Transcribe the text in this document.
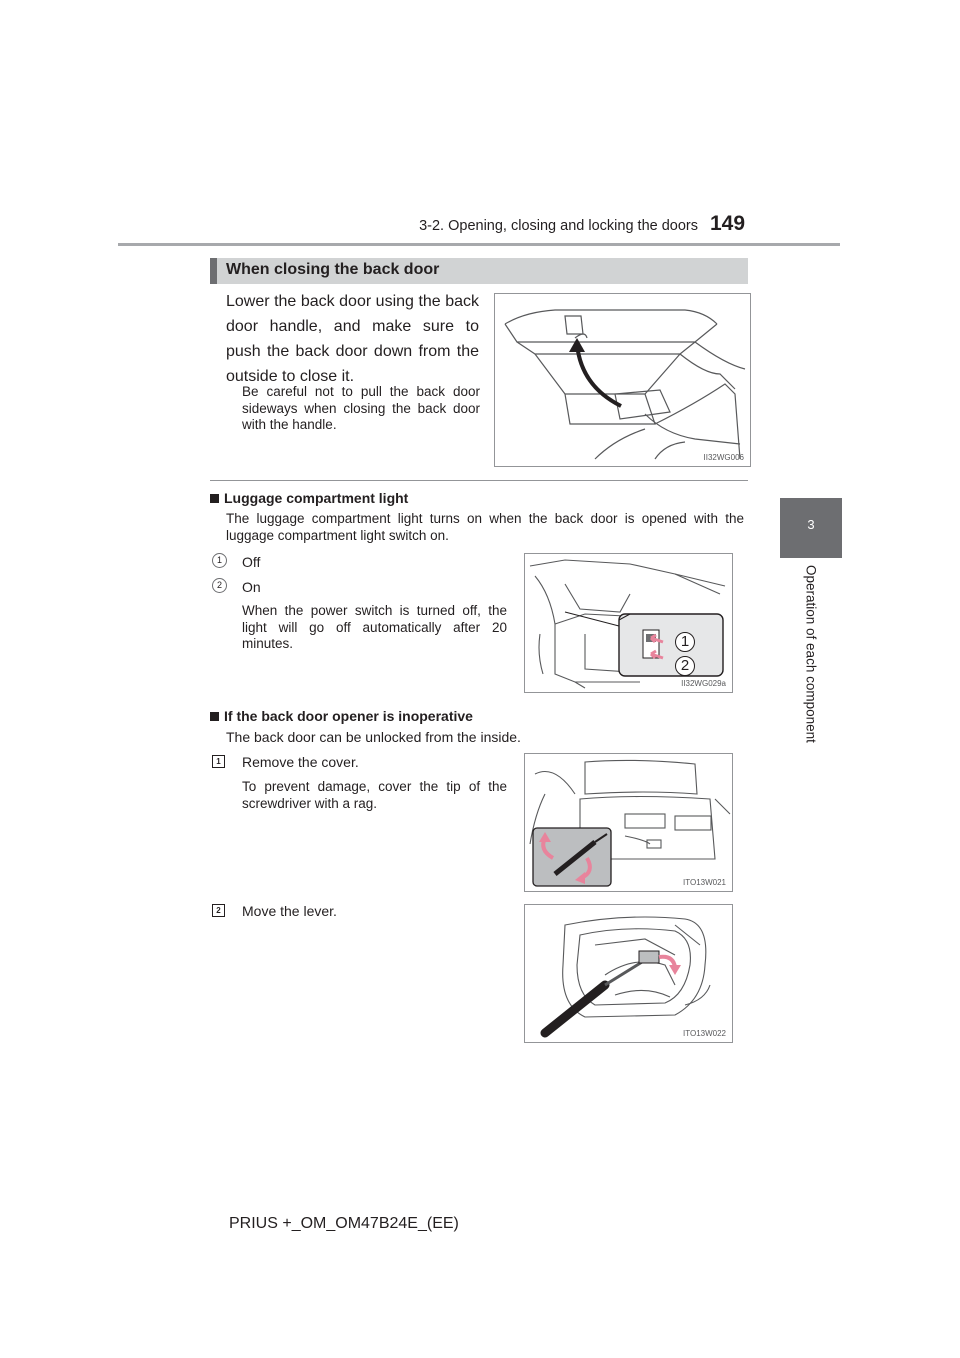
3-2. Opening, closing and locking the doors 149
3
Operation of each component
When closing the back door
Lower the back door using the back door handle, and make sure to push the back door down from the outside to close it.
Be careful not to pull the back door sideways when closing the back door with the handle.
II32WG006
Luggage compartment light
The luggage compartment light turns on when the back door is opened with the luggage compartment light switch on.
1	Off
2	On
When the power switch is turned off, the light will go off automatically after 20 minutes.	1
2
II32WG029a
If the back door opener is inoperative
The back door can be unlocked from the inside.
1	Remove the cover.
To prevent damage, cover the tip of the screwdriver with a rag.
ITO13W021
2	Move the lever.
ITO13W022
PRIUS +_OM_OM47B24E_(EE)
